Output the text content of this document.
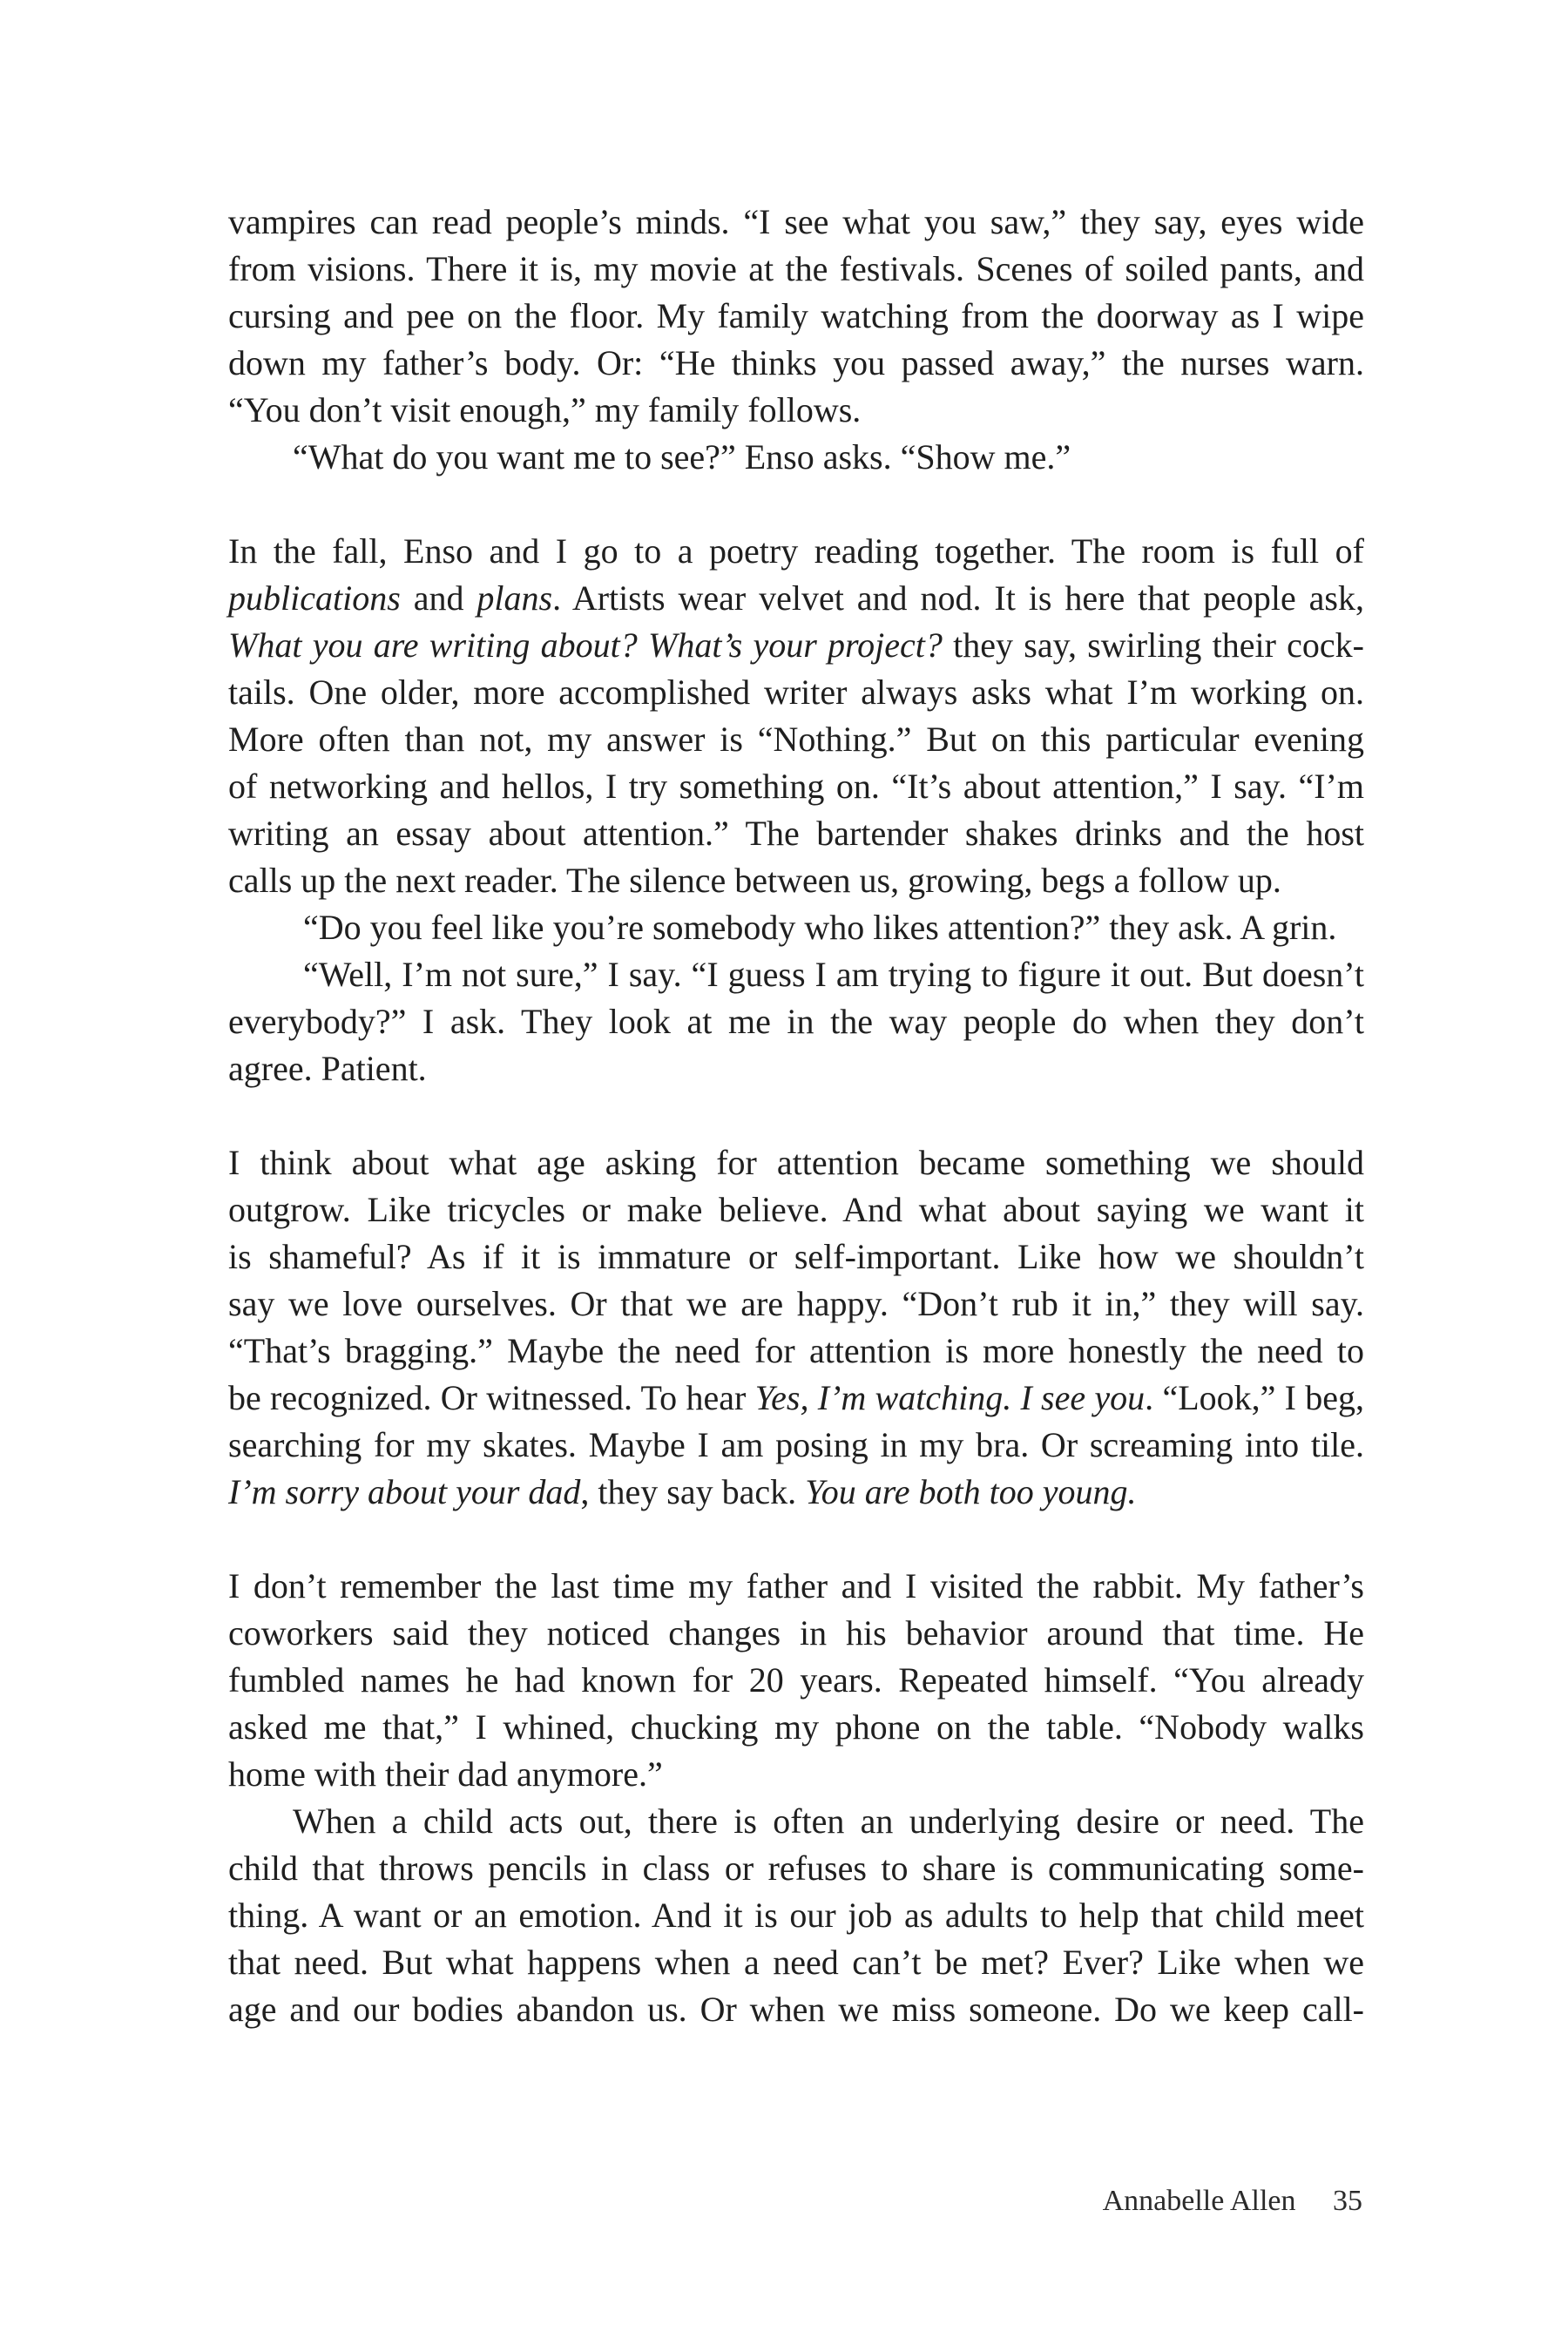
vampires can read people’s minds. “I see what you saw,” they say, eyes wide
from visions. There it is, my movie at the festivals. Scenes of soiled pants, and
cursing and pee on the floor. My family watching from the doorway as I wipe
down my father’s body. Or: “He thinks you passed away,” the nurses warn.
“You don’t visit enough,” my family follows.
“What do you want me to see?” Enso asks. “Show me.”
In the fall, Enso and I go to a poetry reading together. The room is full of
publications and plans. Artists wear velvet and nod. It is here that people ask,
What you are writing about? What’s your project? they say, swirling their cock-
tails. One older, more accomplished writer always asks what I’m working on.
More often than not, my answer is “Nothing.” But on this particular evening
of networking and hellos, I try something on. “It’s about attention,” I say. “I’m
writing an essay about attention.” The bartender shakes drinks and the host
calls up the next reader. The silence between us, growing, begs a follow up.
“Do you feel like you’re somebody who likes attention?” they ask. A grin.
“Well, I’m not sure,” I say. “I guess I am trying to figure it out. But doesn’t
everybody?” I ask. They look at me in the way people do when they don’t
agree. Patient.
I think about what age asking for attention became something we should
outgrow. Like tricycles or make believe. And what about saying we want it
is shameful? As if it is immature or self-important. Like how we shouldn’t
say we love ourselves. Or that we are happy. “Don’t rub it in,” they will say.
“That’s bragging.” Maybe the need for attention is more honestly the need to
be recognized. Or witnessed. To hear Yes, I’m watching. I see you. “Look,” I beg,
searching for my skates. Maybe I am posing in my bra. Or screaming into tile.
I’m sorry about your dad, they say back. You are both too young.
I don’t remember the last time my father and I visited the rabbit. My father’s
coworkers said they noticed changes in his behavior around that time. He
fumbled names he had known for 20 years. Repeated himself. “You already
asked me that,” I whined, chucking my phone on the table. “Nobody walks
home with their dad anymore.”
When a child acts out, there is often an underlying desire or need. The
child that throws pencils in class or refuses to share is communicating some-
thing. A want or an emotion. And it is our job as adults to help that child meet
that need. But what happens when a need can’t be met? Ever? Like when we
age and our bodies abandon us. Or when we miss someone. Do we keep call-
Annabelle Allen 35
